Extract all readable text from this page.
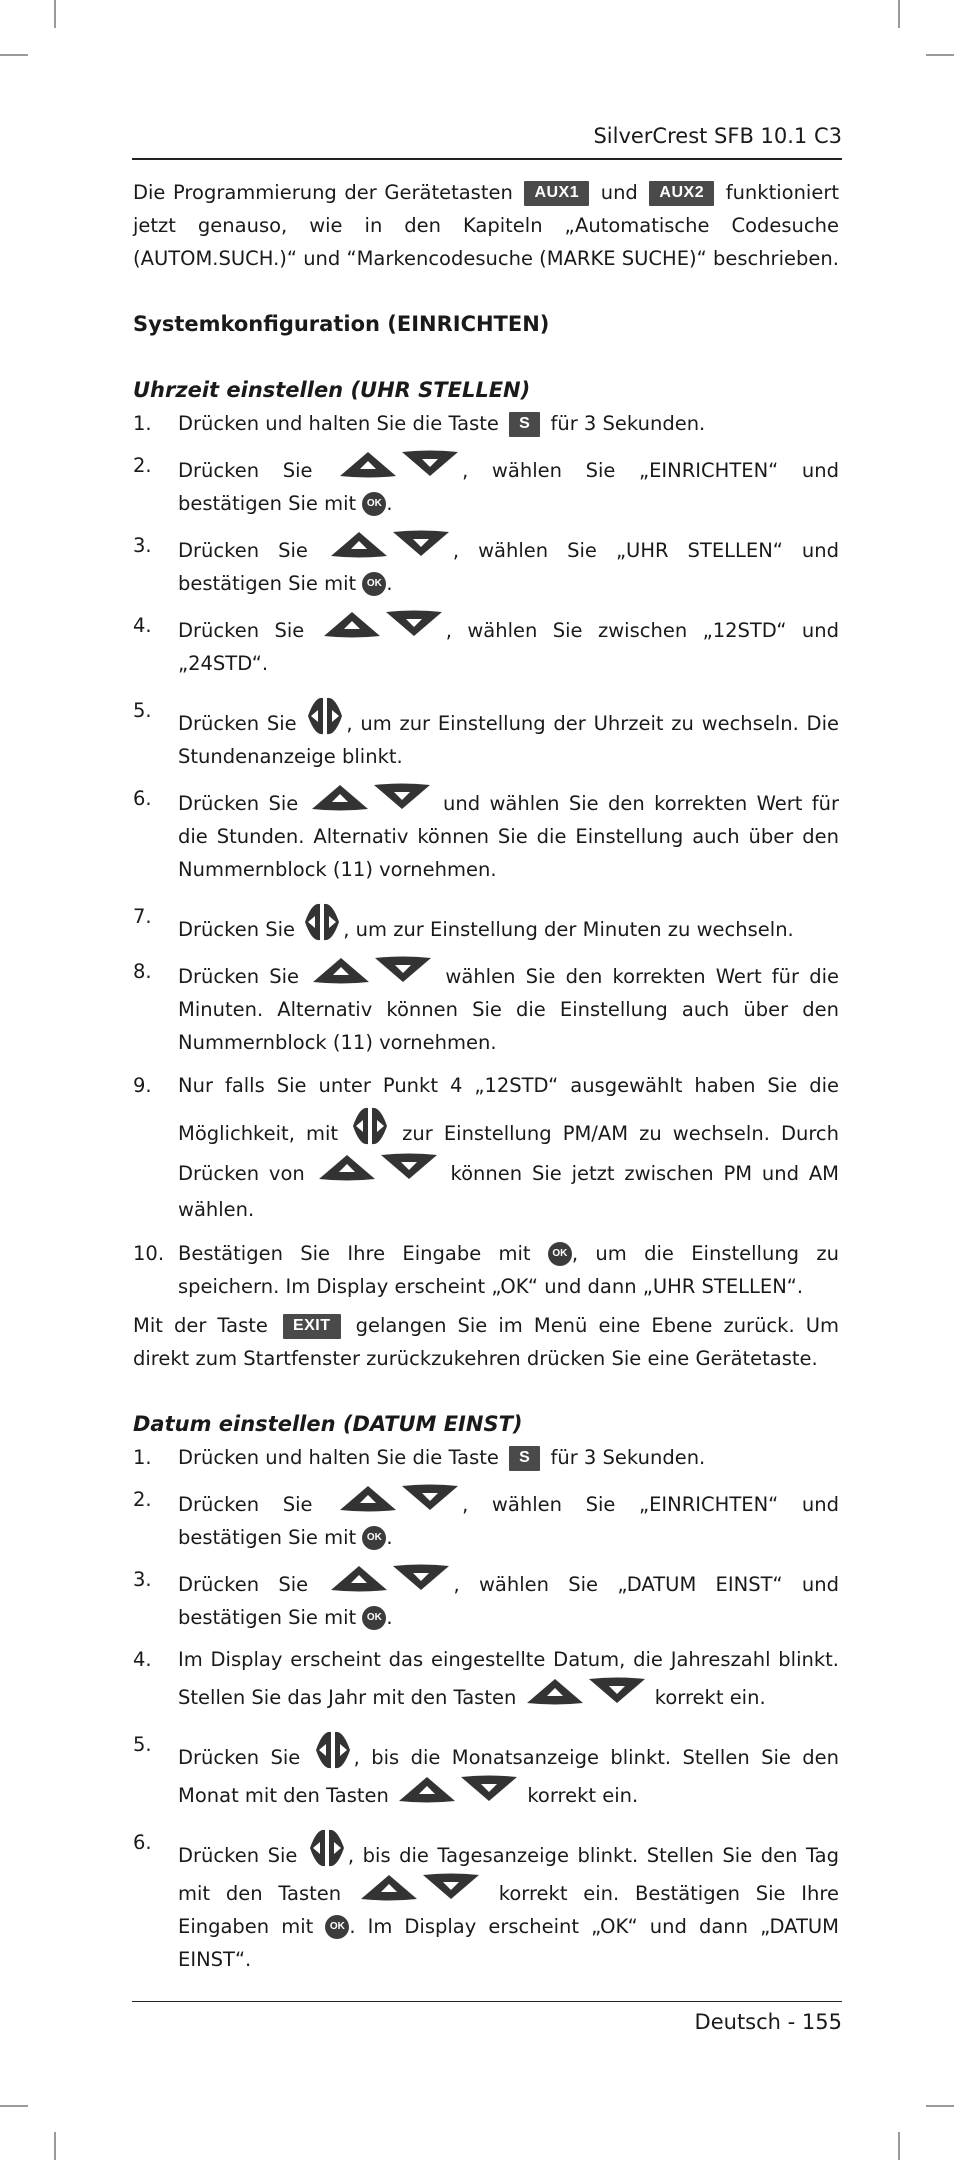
SilverCrest SFB 10.1 C3

Die Programmierung der Gerätetasten AUX1 und AUX2 funktioniert jetzt genauso, wie in den Kapiteln „Automatische Codesuche (AUTOM.SUCH.)“ und “Markencodesuche (MARKE SUCHE)“ beschrieben.

Systemkonfiguration (EINRICHTEN)
Uhrzeit einstellen (UHR STELLEN)
1.	Drücken und halten Sie die Taste S für 3 Sekunden.
2.	Drücken Sie	, wählen Sie „EINRICHTEN“ und bestätigen Sie mit OK .
3.	Drücken Sie	, wählen Sie „UHR STELLEN“ und bestätigen Sie mit OK .
4.	Drücken Sie	, wählen Sie zwischen „12STD“ und „24STD“.
5.
Drücken Sie	, um zur Einstellung der Uhrzeit zu wechseln. Die Stundenanzeige blinkt.
6.	Drücken Sie	und wählen Sie den korrekten Wert für die Stunden. Alternativ können Sie die Einstellung auch über den Nummernblock (11) vornehmen.
7.
Drücken Sie , um zur Einstellung der Minuten zu wechseln.
8.	Drücken Sie	wählen Sie den korrekten Wert für die Minuten. Alternativ können Sie die Einstellung auch über den Nummernblock (11) vornehmen.
9.	Nur falls Sie unter Punkt 4 „12STD“ ausgewählt haben Sie die Möglichkeit, mit	zur Einstellung PM/AM zu wechseln. Durch Drücken von	können Sie jetzt zwischen PM und AM wählen.
10. Bestätigen Sie Ihre Eingabe mit OK , um die Einstellung zu speichern. Im Display erscheint „OK“ und dann „UHR STELLEN“.

Mit der Taste EXIT gelangen Sie im Menü eine Ebene zurück. Um direkt zum Startfenster zurückzukehren drücken Sie eine Gerätetaste.

Datum einstellen (DATUM EINST)
1.	Drücken und halten Sie die Taste S für 3 Sekunden.
2.	Drücken Sie	, wählen Sie „EINRICHTEN“ und bestätigen Sie mit OK .
3.	Drücken Sie	, wählen Sie „DATUM EINST“ und bestätigen Sie mit OK .
4.	Im Display erscheint das eingestellte Datum, die Jahreszahl blinkt. Stellen Sie das Jahr mit den Tasten	korrekt ein.
5.
Drücken Sie	, bis die Monatsanzeige blinkt. Stellen Sie den Monat mit den Tasten	korrekt ein.
6.
Drücken Sie	, bis die Tagesanzeige blinkt. Stellen Sie den Tag mit den Tasten	korrekt ein. Bestätigen Sie Ihre Eingaben mit OK . Im Display erscheint „OK“ und dann „DATUM EINST“.
Deutsch - 155
